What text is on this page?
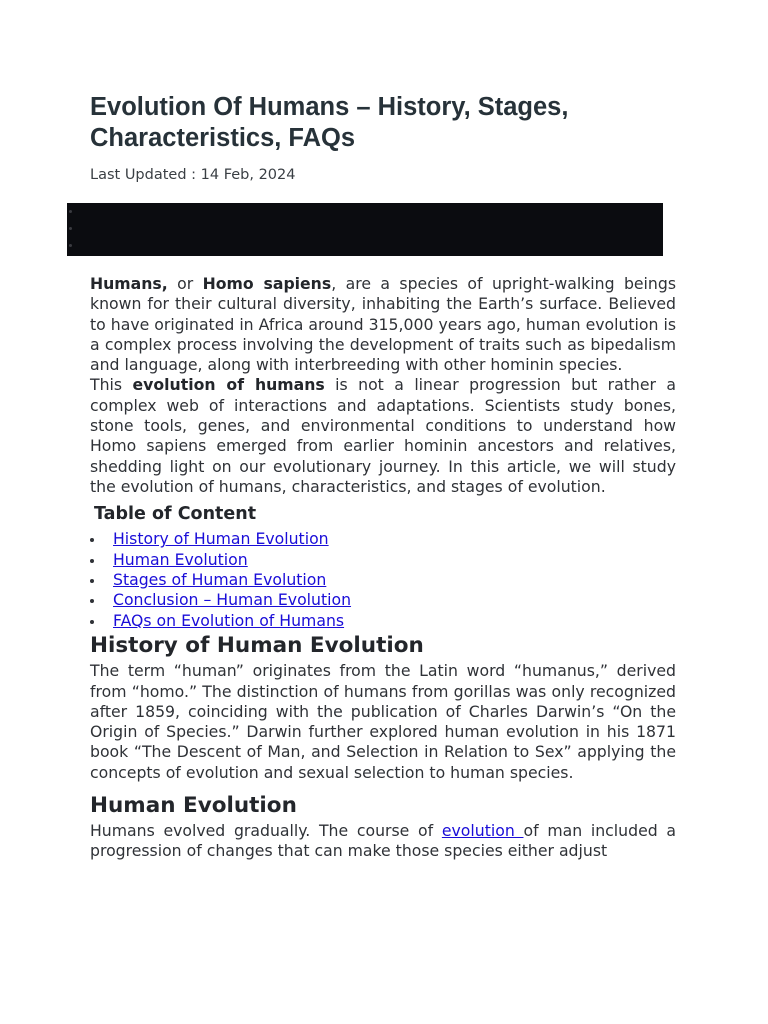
Evolution Of Humans – History, Stages, Characteristics, FAQs
Last Updated : 14 Feb, 2024

Humans, or Homo sapiens, are a species of upright-walking beings known for their cultural diversity, inhabiting the Earth’s surface. Believed to have originated in Africa around 315,000 years ago, human evolution is a complex process involving the development of traits such as bipedalism and language, along with interbreeding with other hominin species.

This evolution of humans is not a linear progression but rather a complex web of interactions and adaptations. Scientists study bones, stone tools, genes, and environmental conditions to understand how Homo sapiens emerged from earlier hominin ancestors and relatives, shedding light on our evolutionary journey. In this article, we will study the evolution of humans, characteristics, and stages of evolution.

Table of Content
History of Human Evolution
Human Evolution
Stages of Human Evolution
Conclusion – Human Evolution
FAQs on Evolution of Humans
History of Human Evolution

The term “human” originates from the Latin word “humanus,” derived from “homo.” The distinction of humans from gorillas was only recognized after 1859, coinciding with the publication of Charles Darwin’s “On the Origin of Species.” Darwin further explored human evolution in his 1871 book “The Descent of Man, and Selection in Relation to Sex” applying the concepts of evolution and sexual selection to human species.

Human Evolution

Humans evolved gradually. The course of evolution of man included a progression of changes that can make those species either adjust
